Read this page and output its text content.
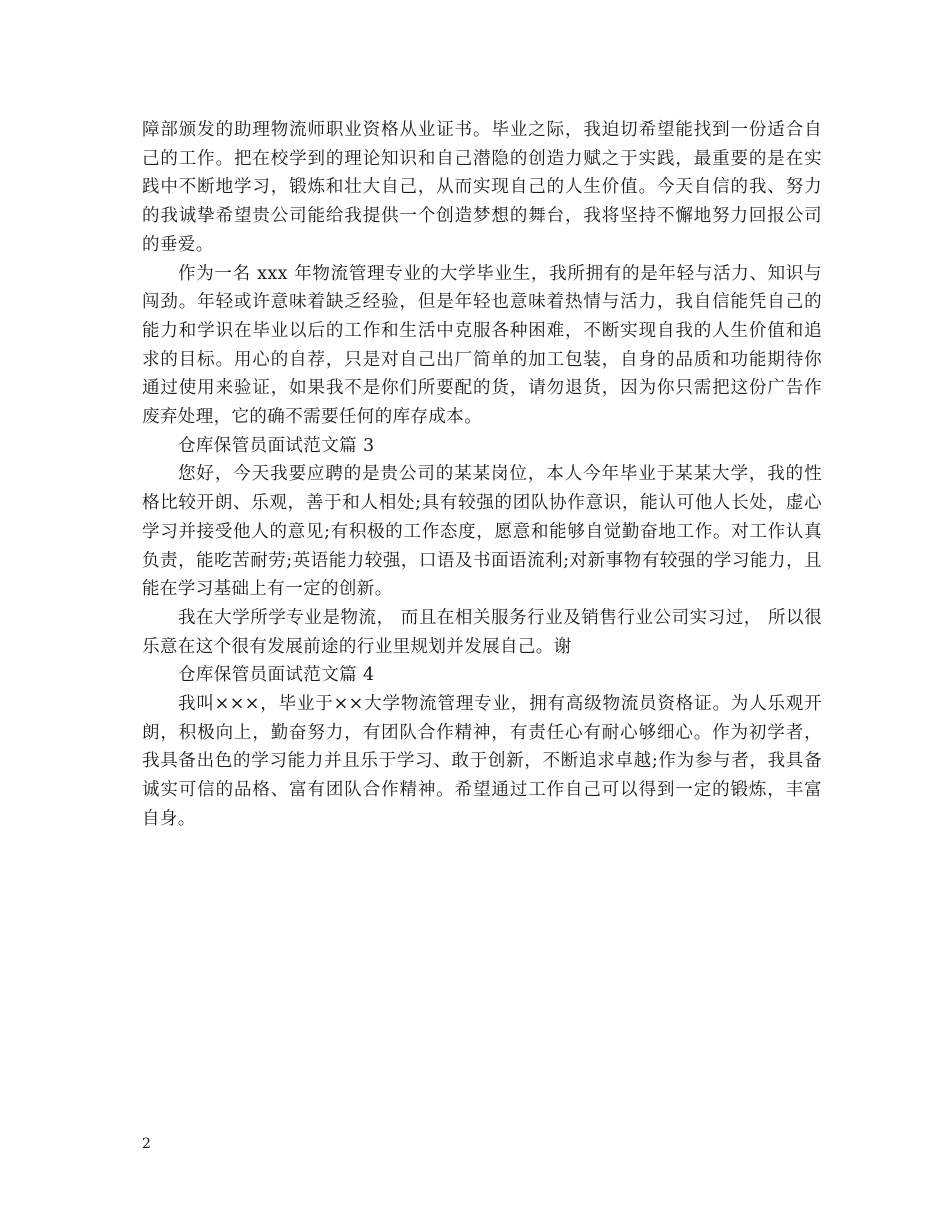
障部颁发的助理物流师职业资格从业证书。毕业之际，我迫切希望能找到一份适合自己的工作。把在校学到的理论知识和自己潜隐的创造力赋之于实践，最重要的是在实践中不断地学习，锻炼和壮大自己，从而实现自己的人生价值。今天自信的我、努力的我诚挚希望贵公司能给我提供一个创造梦想的舞台，我将坚持不懈地努力回报公司的垂爱。

作为一名 xxx 年物流管理专业的大学毕业生，我所拥有的是年轻与活力、知识与闯劲。年轻或许意味着缺乏经验，但是年轻也意味着热情与活力，我自信能凭自己的能力和学识在毕业以后的工作和生活中克服各种困难，不断实现自我的人生价值和追求的目标。用心的自荐，只是对自己出厂简单的加工包装，自身的品质和功能期待你通过使用来验证，如果我不是你们所要配的货，请勿退货，因为你只需把这份广告作废弃处理，它的确不需要任何的库存成本。

仓库保管员面试范文篇 3

您好，今天我要应聘的是贵公司的某某岗位，本人今年毕业于某某大学，我的性格比较开朗、乐观，善于和人相处;具有较强的团队协作意识，能认可他人长处，虚心学习并接受他人的意见;有积极的工作态度，愿意和能够自觉勤奋地工作。对工作认真负责，能吃苦耐劳;英语能力较强，口语及书面语流利;对新事物有较强的学习能力，且能在学习基础上有一定的创新。

我在大学所学专业是物流， 而且在相关服务行业及销售行业公司实习过， 所以很乐意在这个很有发展前途的行业里规划并发展自己。谢

仓库保管员面试范文篇 4

我叫×××，毕业于××大学物流管理专业，拥有高级物流员资格证。为人乐观开朗，积极向上，勤奋努力，有团队合作精神，有责任心有耐心够细心。作为初学者，我具备出色的学习能力并且乐于学习、敢于创新，不断追求卓越;作为参与者，我具备诚实可信的品格、富有团队合作精神。希望通过工作自己可以得到一定的锻炼，丰富自身。

2
